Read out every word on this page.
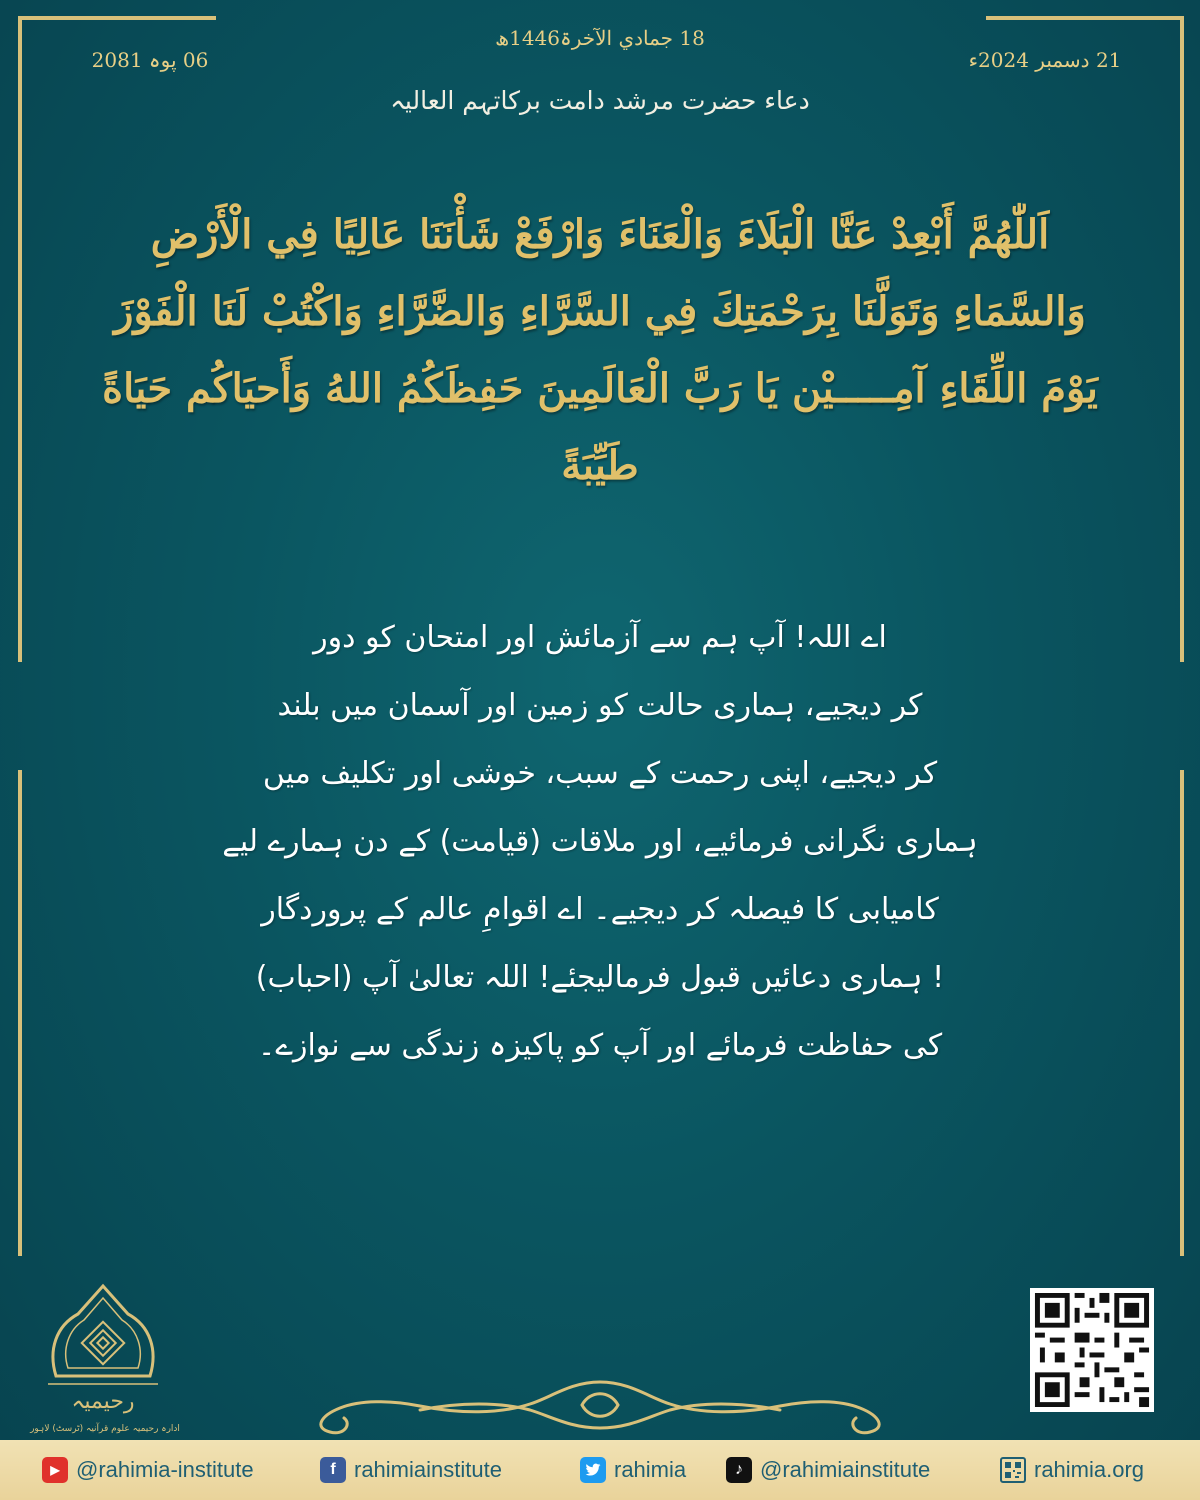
18 جمادي الآخرۃ1446ھ
06 پوہ 2081	21 دسمبر 2024ء
دعاء حضرت مرشد دامت برکاتہم العالیہ
اَللّٰهُمَّ أَبْعِدْ عَنَّا الْبَلَاءَ وَالْعَنَاءَ وَارْفَعْ شَأْنَنَا عَالِيًا فِي الْأَرْضِ وَالسَّمَاءِ وَتَوَلَّنَا بِرَحْمَتِكَ فِي السَّرَّاءِ وَالضَّرَّاءِ وَاكْتُبْ لَنَا الْفَوْزَ يَوْمَ اللِّقَاءِ آمِـــــيْن يَا رَبَّ الْعَالَمِينَ حَفِظَكُمُ اللهُ وَأَحيَاكُم حَيَاةً طَيِّبَةً
اے اللہ! آپ ہم سے آزمائش اور امتحان کو دور
کر دیجیے، ہماری حالت کو زمین اور آسمان میں بلند
کر دیجیے، اپنی رحمت کے سبب، خوشی اور تکلیف میں
ہماری نگرانی فرمائیے، اور ملاقات (قیامت) کے دن ہمارے لیے
کامیابی کا فیصلہ کر دیجیے۔ اے اقوامِ عالم کے پروردگار
! ہماری دعائیں قبول فرمالیجئے! اللہ تعالیٰ آپ (احباب)
کی حفاظت فرمائے اور آپ کو پاکیزہ زندگی سے نوازے۔
رحیمیہ
ادارہ رحیمیہ علوم قرآنیہ (ٹرسٹ) لاہور
▶ @rahimia-institute	f rahimiainstitute	rahimia	♪ @rahimiainstitute	rahimia.org
